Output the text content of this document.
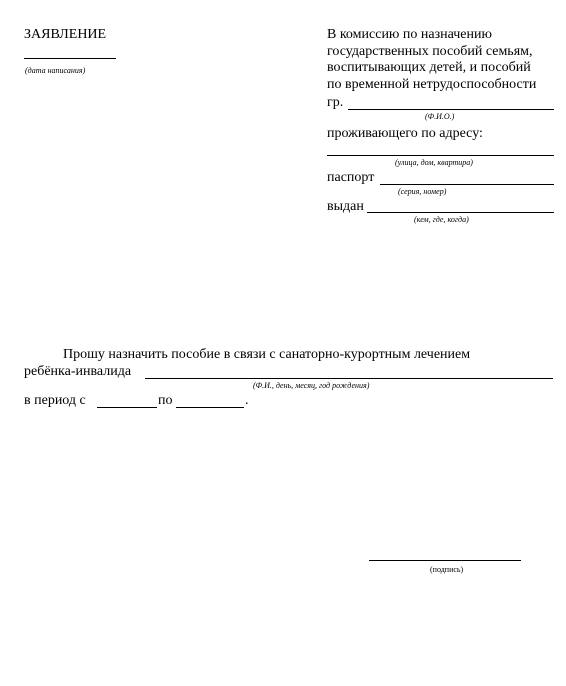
ЗАЯВЛЕНИЕ
(дата написания)
В комиссию по назначению
государственных пособий семьям,
воспитывающих детей, и пособий
по временной нетрудоспособности
гр.
(Ф.И.О.)
проживающего по адресу:
(улица, дом, квартира)
паспорт
(серия, номер)
выдан
(кем, где, когда)
Прошу назначить пособие в связи с санаторно-курортным лечением
ребёнка-инвалида
(Ф.И., день, месяц, год рождения)
в период с	по	.
(подпись)
